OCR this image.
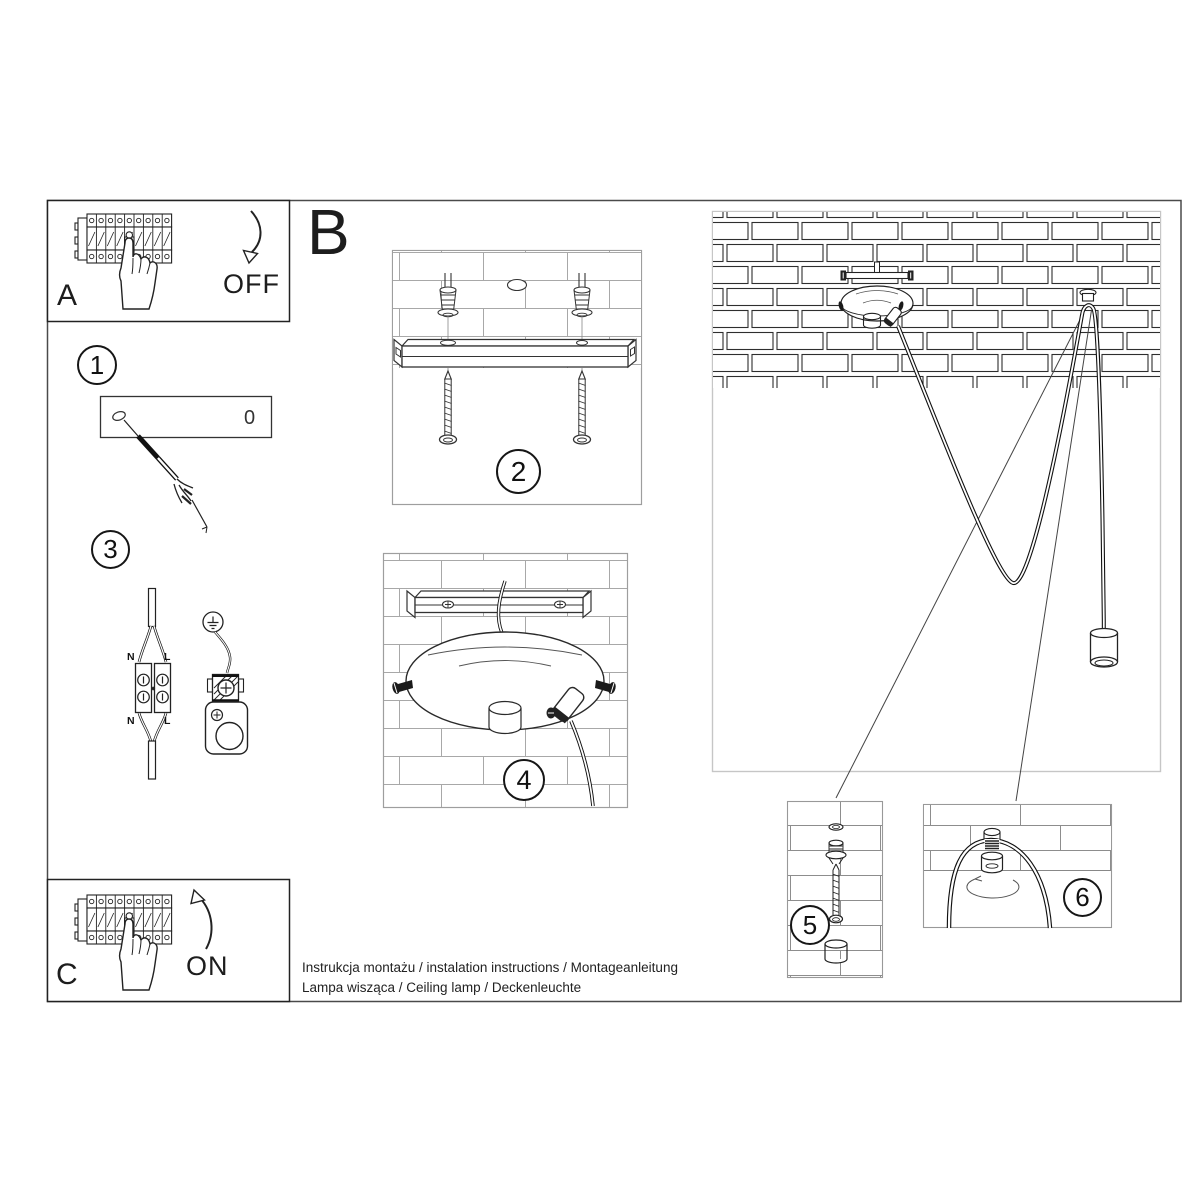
B
A	OFF
C	ON
1
2
3
4
5
6
N	L
N	L
0
Instrukcja montażu / instalation instructions / Montageanleitung
Lampa wisząca / Ceiling lamp / Deckenleuchte
